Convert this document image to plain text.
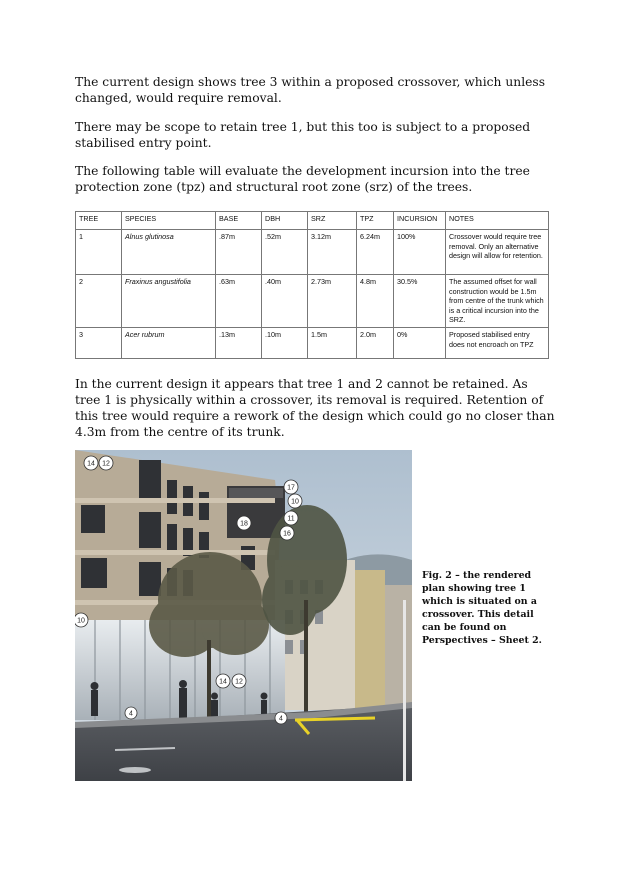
The current design shows tree 3 within a proposed crossover, which unless changed, would require removal.

There may be scope to retain tree 1, but this too is subject to a proposed stabilised entry point.

The following table will evaluate the development incursion into the tree protection zone (tpz) and structural root zone (srz) of the trees.

TREE	SPECIES	BASE	DBH	SRZ	TPZ	INCURSION	NOTES
1	Alnus glutinosa	.87m	.52m	3.12m	6.24m	100%	Crossover would require tree removal. Only an alternative design will allow for retention.
2	Fraxinus angustifolia	.63m	.40m	2.73m	4.8m	30.5%	The assumed offset for wall construction would be 1.5m from centre of the trunk which is a critical incursion into the SRZ.
3	Acer rubrum	.13m	.10m	1.5m	2.0m	0%	Proposed stabilised entry does not encroach on TPZ

In the current design it appears that tree 1 and 2 cannot be retained. As tree 1 is physically within a crossover, its removal is required. Retention of this tree would require a rework of the design which could go no closer than 4.3m from the centre of its trunk.

14 12
17
10
11
18
16
10
14 12
4
4

Fig. 2 – the rendered plan showing tree 1 which is situated on a crossover. This detail can be found on Perspectives – Sheet 2.
